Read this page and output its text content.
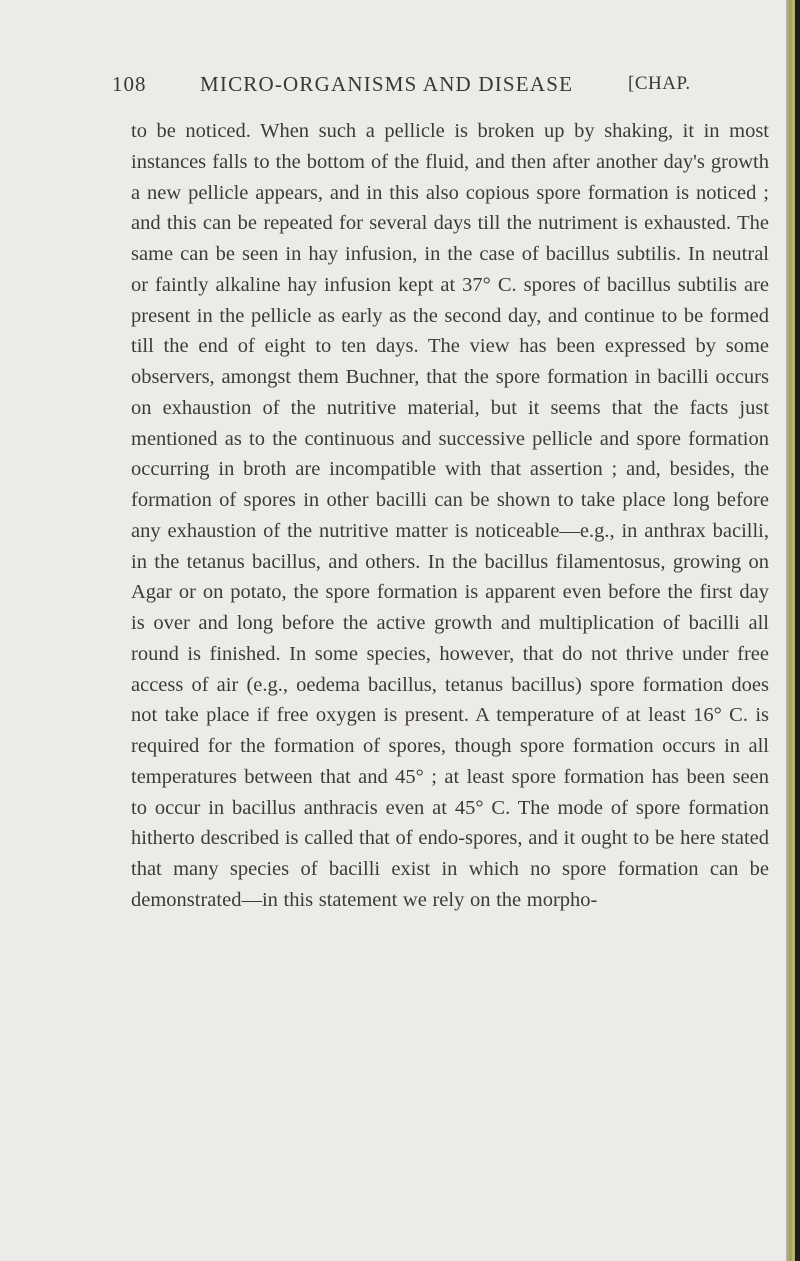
108	MICRO-ORGANISMS AND DISEASE	[CHAP.

to be noticed. When such a pellicle is broken up by shaking, it in most instances falls to the bottom of the fluid, and then after another day's growth a new pellicle appears, and in this also copious spore formation is noticed ; and this can be repeated for several days till the nutriment is exhausted. The same can be seen in hay infusion, in the case of bacillus subtilis. In neutral or faintly alkaline hay infusion kept at 37° C. spores of bacillus subtilis are present in the pellicle as early as the second day, and continue to be formed till the end of eight to ten days. The view has been expressed by some observers, amongst them Buchner, that the spore formation in bacilli occurs on exhaustion of the nutritive material, but it seems that the facts just mentioned as to the continuous and successive pellicle and spore formation occurring in broth are incompatible with that assertion ; and, besides, the formation of spores in other bacilli can be shown to take place long before any exhaustion of the nutritive matter is noticeable—e.g., in anthrax bacilli, in the tetanus bacillus, and others. In the bacillus filamentosus, growing on Agar or on potato, the spore formation is apparent even before the first day is over and long before the active growth and multiplication of bacilli all round is finished. In some species, however, that do not thrive under free access of air (e.g., oedema bacillus, tetanus bacillus) spore formation does not take place if free oxygen is present. A temperature of at least 16° C. is required for the formation of spores, though spore formation occurs in all temperatures between that and 45° ; at least spore formation has been seen to occur in bacillus anthracis even at 45° C. The mode of spore formation hitherto described is called that of endo-spores, and it ought to be here stated that many species of bacilli exist in which no spore formation can be demonstrated—in this statement we rely on the morpho-
